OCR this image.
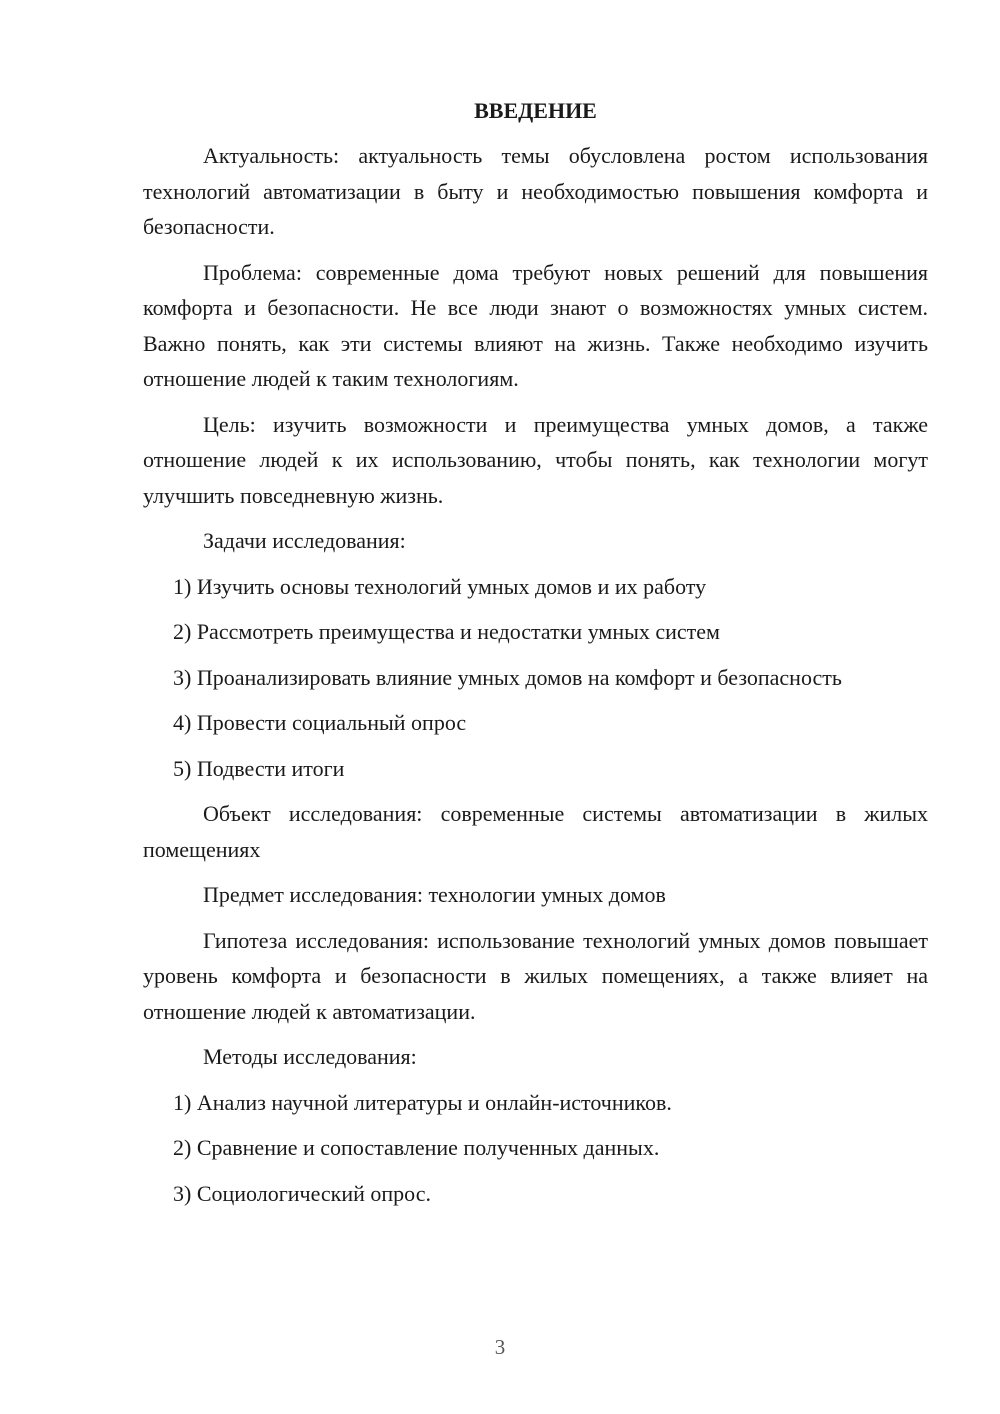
ВВЕДЕНИЕ

Актуальность: актуальность темы обусловлена ростом использования технологий автоматизации в быту и необходимостью повышения комфорта и безопасности.

Проблема: современные дома требуют новых решений для повышения комфорта и безопасности. Не все люди знают о возможностях умных систем. Важно понять, как эти системы влияют на жизнь. Также необходимо изучить отношение людей к таким технологиям.

Цель: изучить возможности и преимущества умных домов, а также отношение людей к их использованию, чтобы понять, как технологии могут улучшить повседневную жизнь.

Задачи исследования:

1) Изучить основы технологий умных домов и их работу

2) Рассмотреть преимущества и недостатки умных систем

3) Проанализировать влияние умных домов на комфорт и безопасность

4) Провести социальный опрос

5) Подвести итоги

Объект исследования: современные системы автоматизации в жилых помещениях

Предмет исследования: технологии умных домов

Гипотеза исследования: использование технологий умных домов повышает уровень комфорта и безопасности в жилых помещениях, а также влияет на отношение людей к автоматизации.

Методы исследования:

1) Анализ научной литературы и онлайн-источников.

2) Сравнение и сопоставление полученных данных.

3) Социологический опрос.

3
